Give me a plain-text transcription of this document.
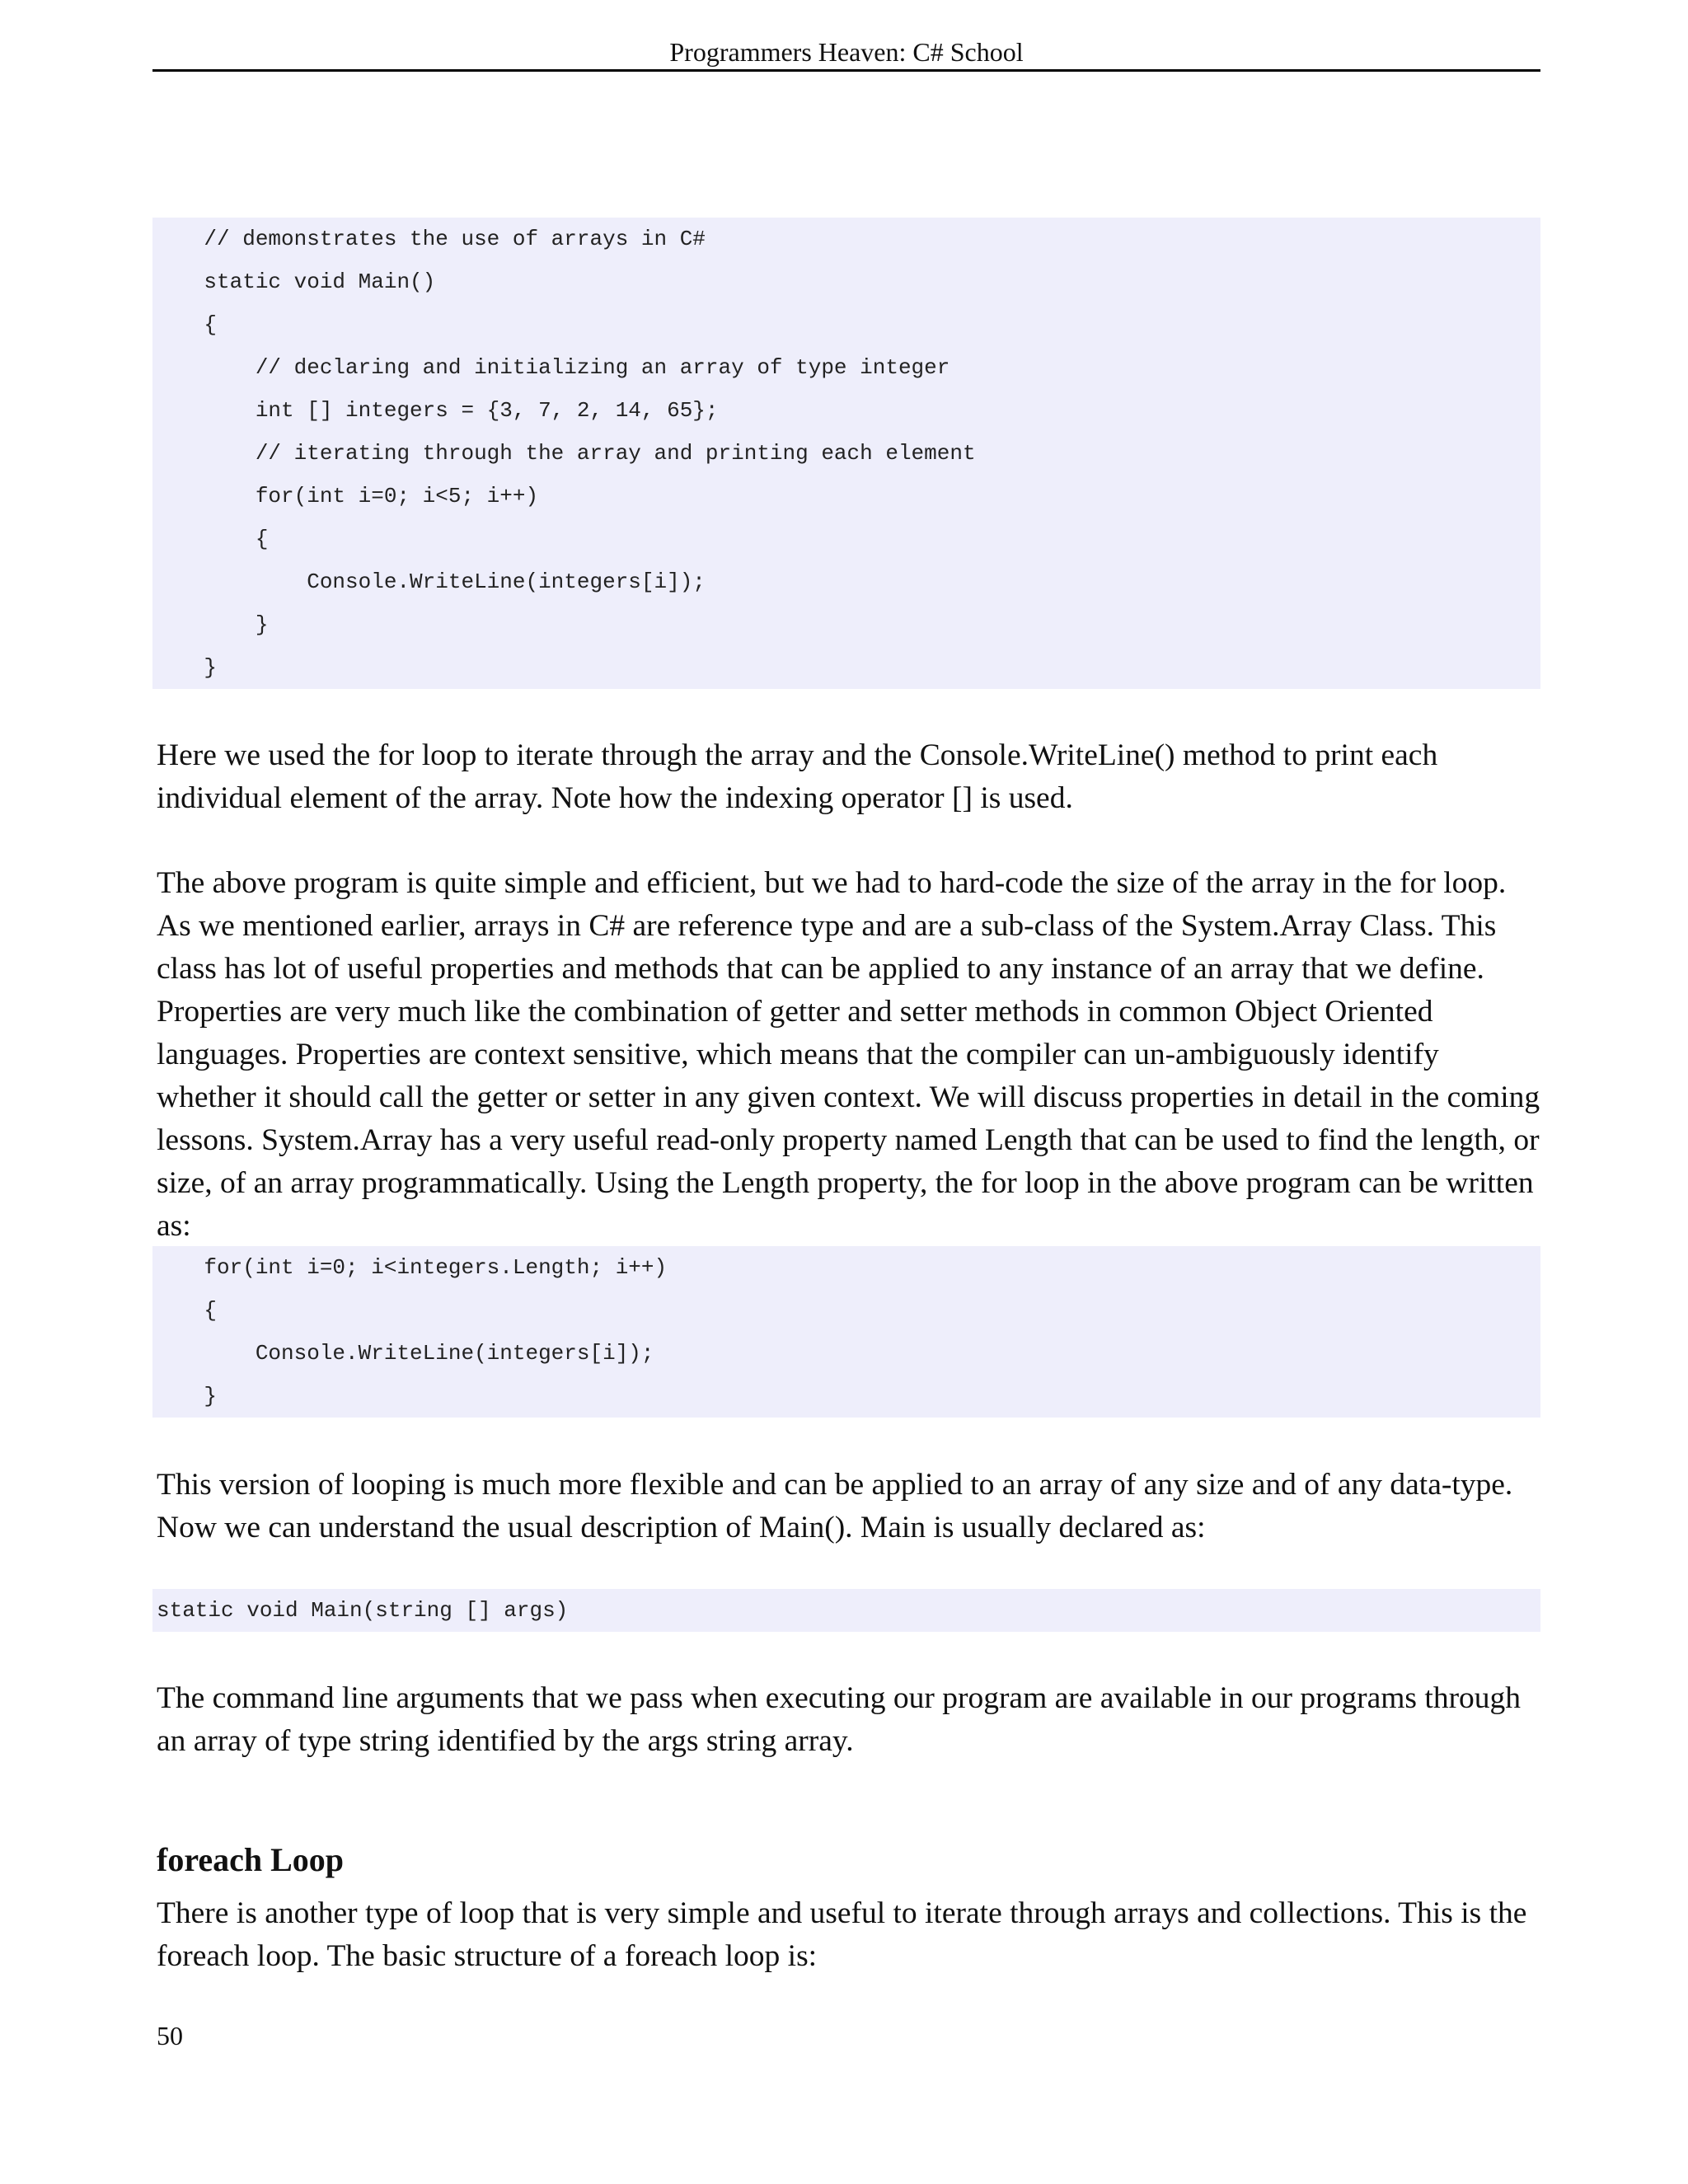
Programmers Heaven: C# School
// demonstrates the use of arrays in C#
static void Main()
{
// declaring and initializing an array of type integer
int [] integers = {3, 7, 2, 14, 65};
// iterating through the array and printing each element
for(int i=0; i<5; i++)
{
Console.WriteLine(integers[i]);
}
}

Here we used the for loop to iterate through the array and the Console.WriteLine() method to print each individual element of the array. Note how the indexing operator [] is used.

The above program is quite simple and efficient, but we had to hard-code the size of the array in the for loop. As we mentioned earlier, arrays in C# are reference type and are a sub-class of the System.Array Class. This class has lot of useful properties and methods that can be applied to any instance of an array that we define. Properties are very much like the combination of getter and setter methods in common Object Oriented languages. Properties are context sensitive, which means that the compiler can un-ambiguously identify whether it should call the getter or setter in any given context. We will discuss properties in detail in the coming lessons. System.Array has a very useful read-only property named Length that can be used to find the length, or size, of an array programmatically. Using the Length property, the for loop in the above program can be written as:

for(int i=0; i<integers.Length; i++)
{
Console.WriteLine(integers[i]);
}

This version of looping is much more flexible and can be applied to an array of any size and of any data-type. Now we can understand the usual description of Main(). Main is usually declared as:

static void Main(string [] args)

The command line arguments that we pass when executing our program are available in our programs through an array of type string identified by the args string array.

foreach Loop

There is another type of loop that is very simple and useful to iterate through arrays and collections. This is the foreach loop. The basic structure of a foreach loop is:

50
